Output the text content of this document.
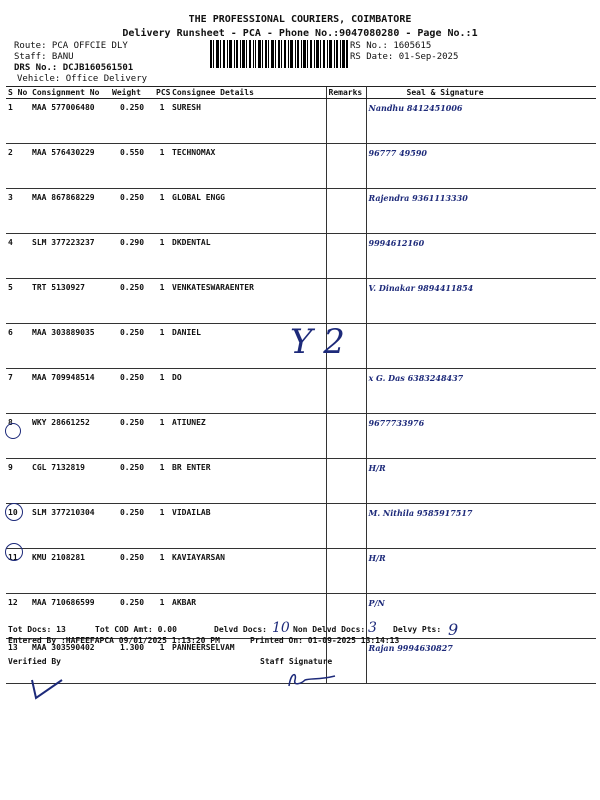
THE PROFESSIONAL COURIERS, COIMBATORE
Delivery Runsheet - PCA - Phone No.:9047080280 - Page No.:1
Route: PCA OFFCIE DLY
Staff: BANU
DRS No.: DCJB160561501
Vehicle: Office Delivery
RS No.: 1605615
RS Date: 01-Sep-2025
S No	Consignment No	Weight	PCS	Consignee Details	Remarks	Seal & Signature
1	MAA 577006480	0.250	1	SURESH		Nandhu 8412451006
2	MAA 576430229	0.550	1	TECHNOMAX		96777 49590
3	MAA 867868229	0.250	1	GLOBAL ENGG		Rajendra 9361113330
4	SLM 377223237	0.290	1	DKDENTAL		9994612160
5	TRT 5130927	0.250	1	VENKATESWARAENTER		V. Dinakar 9894411854
6	MAA 303889035	0.250	1	DANIEL		
7	MAA 709948514	0.250	1	DO		x G. Das 6383248437
8	WKY 28661252	0.250	1	ATIUNEZ		9677733976
9	CGL 7132819	0.250	1	BR ENTER		H/R
10	SLM 377210304	0.250	1	VIDAILAB		M. Nithila 9585917517
11	KMU 2108281	0.250	1	KAVIAYARSAN		H/R
12	MAA 710686599	0.250	1	AKBAR		P/N
13	MAA 303590402	1.300	1	PANNEERSELVAM		Rajan 9994630827
Y 2
Tot Docs: 13	Tot COD Amt: 0.00	Delvd Docs: 10 Non Delvd Docs: 3 Delvy Pts: 9
Entered By :HAFEEFAPCA 09/01/2025 1:13:20 PM	Printed On: 01-09-2025 13:14:13
Verified By	Staff Signature
